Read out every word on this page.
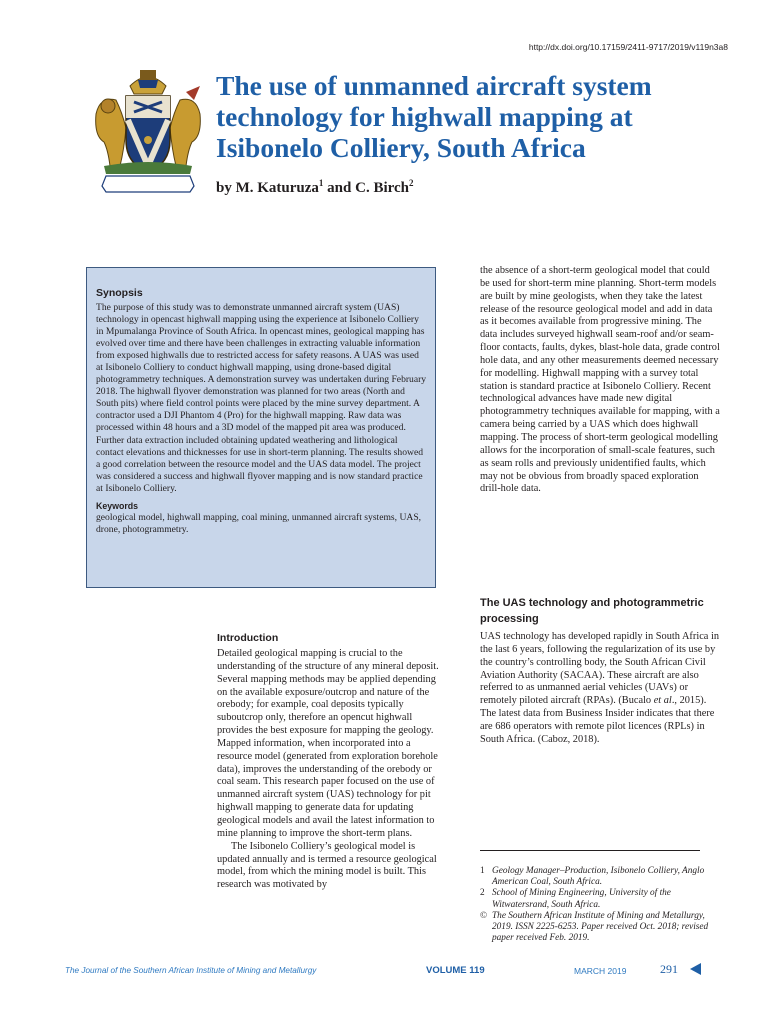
http://dx.doi.org/10.17159/2411-9717/2019/v119n3a8
The use of unmanned aircraft system technology for highwall mapping at Isibonelo Colliery, South Africa

by M. Katuruza$^1$ and C. Birch$^2$

Synopsis

The purpose of this study was to demonstrate unmanned aircraft system (UAS) technology in opencast highwall mapping using the experience at Isibonelo Colliery in Mpumalanga Province of South Africa. In opencast mines, geological mapping has evolved over time and there have been challenges in extracting valuable information from exposed highwalls due to restricted access for safety reasons. A UAS was used at Isibonelo Colliery to conduct highwall mapping, using drone-based digital photogrammetry techniques. A demonstration survey was undertaken during February 2018. The highwall flyover demonstration was planned for two areas (North and South pits) where field control points were placed by the mine survey department. A contractor used a DJI Phantom 4 (Pro) for the highwall mapping. Raw data was processed within 48 hours and a 3D model of the mapped pit area was produced. Further data extraction included obtaining updated weathering and lithological contact elevations and thicknesses for use in short-term planning. The results showed a good correlation between the resource model and the UAS data model. The project was considered a success and highwall flyover mapping and is now standard practice at Isibonelo Colliery.

Keywords

geological model, highwall mapping, coal mining, unmanned aircraft systems, UAS, drone, photogrammetry.

Introduction

Detailed geological mapping is crucial to the understanding of the structure of any mineral deposit. Several mapping methods may be applied depending on the available exposure/outcrop and nature of the orebody; for example, coal deposits typically suboutcrop only, therefore an opencut highwall provides the best exposure for mapping the geology. Mapped information, when incorporated into a resource model (generated from exploration borehole data), improves the understanding of the orebody or coal seam. This research paper focused on the use of unmanned aircraft system (UAS) technology for pit highwall mapping to generate data for updating geological models and avail the latest information to mine planning to improve the short-term plans.

The Isibonelo Colliery’s geological model is updated annually and is termed a resource geological model, from which the mining model is built. This research was motivated by

the absence of a short-term geological model that could be used for short-term mine planning. Short-term models are built by mine geologists, when they take the latest release of the resource geological model and add in data as it becomes available from progressive mining. The data includes surveyed highwall seam-roof and/or seam-floor contacts, faults, dykes, blast-hole data, grade control hole data, and any other measurements deemed necessary for modelling. Highwall mapping with a survey total station is standard practice at Isibonelo Colliery. Recent technological advances have made new digital photogrammetry techniques available for mapping, with a camera being carried by a UAS which does highwall mapping. The process of short-term geological modelling allows for the incorporation of small-scale features, such as seam rolls and previously unidentified faults, which may not be obvious from broadly spaced exploration drill-hole data.

The UAS technology and photogrammetric processing

UAS technology has developed rapidly in South Africa in the last 6 years, following the regularization of its use by the country’s controlling body, the South African Civil Aviation Authority (SACAA). These aircraft are also referred to as unmanned aerial vehicles (UAVs) or remotely piloted aircraft (RPAs). (Bucalo et al., 2015). The latest data from Business Insider indicates that there are 686 operators with remote pilot licences (RPLs) in South Africa. (Caboz, 2018).

1 Geology Manager–Production, Isibonelo Colliery, Anglo American Coal, South Africa.

2 School of Mining Engineering, University of the Witwatersrand, South Africa.

© The Southern African Institute of Mining and Metallurgy, 2019. ISSN 2225-6253. Paper received Oct. 2018; revised paper received Feb. 2019.

The Journal of the Southern African Institute of Mining and Metallurgy	VOLUME 119	MARCH 2019	291
